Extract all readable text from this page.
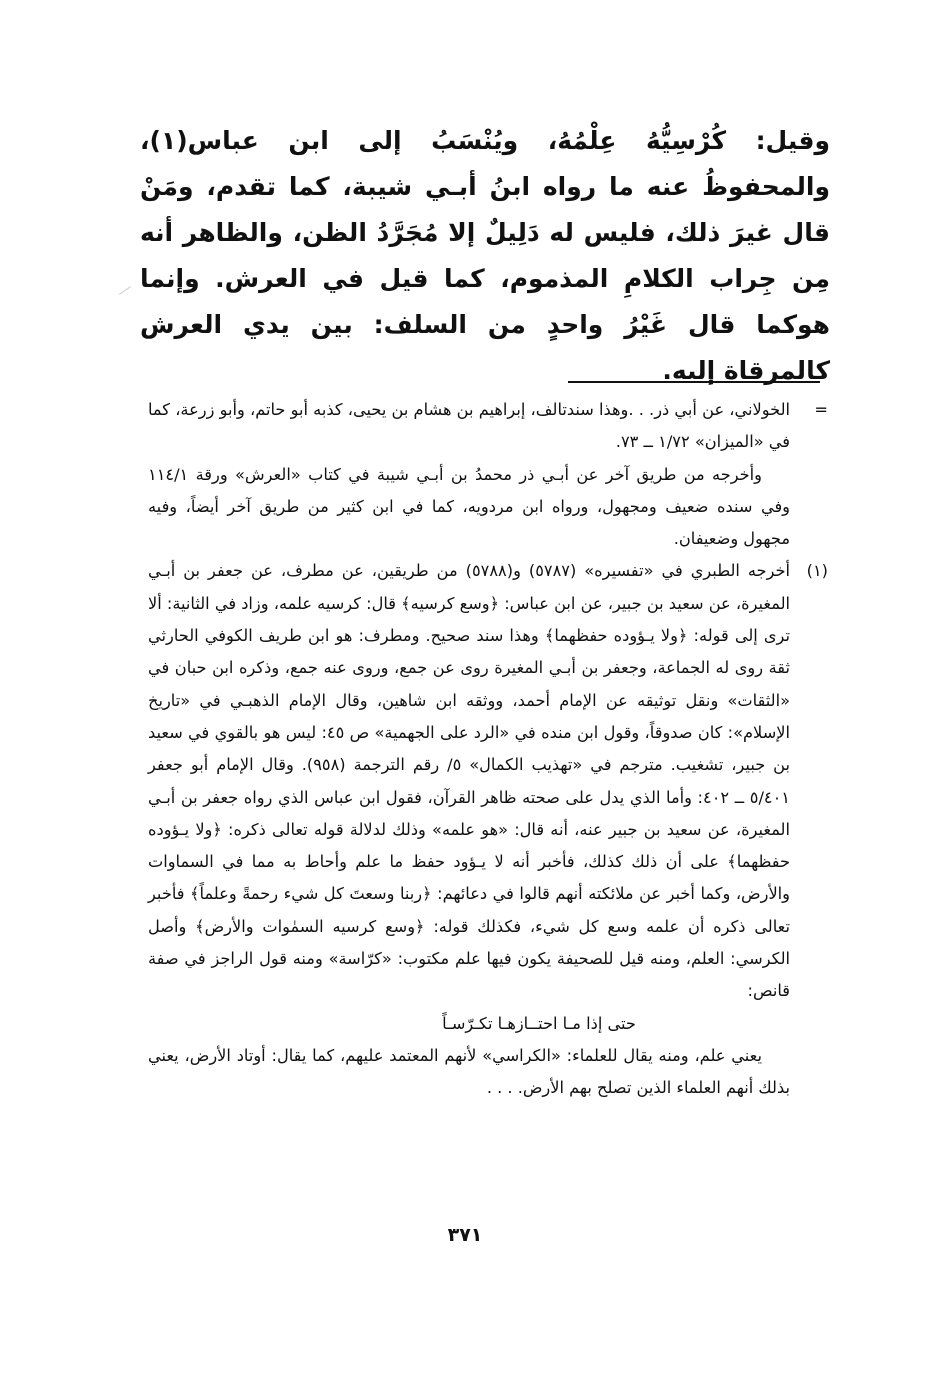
وقيل: كُرْسِيُّهُ عِلْمُهُ، ويُنْسَبُ إلى ابن عباس(١)، والمحفوظُ عنه ما رواه ابنُ أبـي شيبة، كما تقدم، ومَنْ قال غيرَ ذلك، فليس له دَلِيلٌ إلا مُجَرَّدُ الظن، والظاهر أنه مِن جِراب الكلامِ المذموم، كما قيل في العرش. وإنما هوكما قال غَيْرُ واحدٍ من السلف: بين يدي العرش كالمرقاة إليه.

=

الخولاني، عن أبي ذر. . .وهذا سندتالف، إبراهيم بن هشام بن يحيى، كذبه أبو حاتم، وأبو زرعة، كما في «الميزان» ١/٧٢ ــ ٧٣.

وأخرجه من طريق آخر عن أبـي ذر محمدُ بن أبـي شيبة في كتاب «العرش» ورقة ١١٤/١ وفي سنده ضعيف ومجهول، ورواه ابن مردويه، كما في ابن كثير من طريق آخر أيضاً، وفيه مجهول وضعيفان.

(١)

أخرجه الطبري في «تفسيره» (٥٧٨٧) و(٥٧٨٨) من طريقين، عن مطرف، عن جعفر بن أبـي المغيرة، عن سعيد بن جبير، عن ابن عباس: ﴿وسع كرسيه﴾ قال: كرسيه علمه، وزاد في الثانية: ألا ترى إلى قوله: ﴿ولا يـؤوده حفظهما﴾ وهذا سند صحيح. ومطرف: هو ابن طريف الكوفي الحارثي ثقة روى له الجماعة، وجعفر بن أبـي المغيرة روى عن جمع، وروى عنه جمع، وذكره ابن حبان في «الثقات» ونقل توثيقه عن الإمام أحمد، ووثقه ابن شاهين، وقال الإمام الذهبـي في «تاريخ الإسلام»: كان صدوقاً، وقول ابن منده في «الرد على الجهمية» ص ٤٥: ليس هو بالقوي في سعيد بن جبير، تشغيب. مترجم في «تهذيب الكمال» ٥/ رقم الترجمة (٩٥٨). وقال الإمام أبو جعفر ٥/٤٠١ ــ ٤٠٢: وأما الذي يدل على صحته ظاهر القرآن، فقول ابن عباس الذي رواه جعفر بن أبـي المغيرة، عن سعيد بن جبير عنه، أنه قال: «هو علمه» وذلك لدلالة قوله تعالى ذكره: ﴿ولا يـؤوده حفظهما﴾ على أن ذلك كذلك، فأخبر أنه لا يـؤود حفظ ما علم وأحاط به مما في السماوات والأرض، وكما أخبر عن ملائكته أنهم قالوا في دعائهم: ﴿ربنا وسعتَ كل شيء رحمةً وعلماً﴾ فأخبر تعالى ذكره أن علمه وسع كل شيء، فكذلك قوله: ﴿وسع كرسيه السمٰوات والأرض﴾ وأصل الكرسي: العلم، ومنه قيل للصحيفة يكون فيها علم مكتوب: «كرّاسة» ومنه قول الراجز في صفة قانص:

حتى إذا مـا احتــازهـا تكـرّسـاً

يعني علم، ومنه يقال للعلماء: «الكراسي» لأنهم المعتمد عليهم، كما يقال: أوتاد الأرض، يعني بذلك أنهم العلماء الذين تصلح بهم الأرض. . . .

٣٧١
